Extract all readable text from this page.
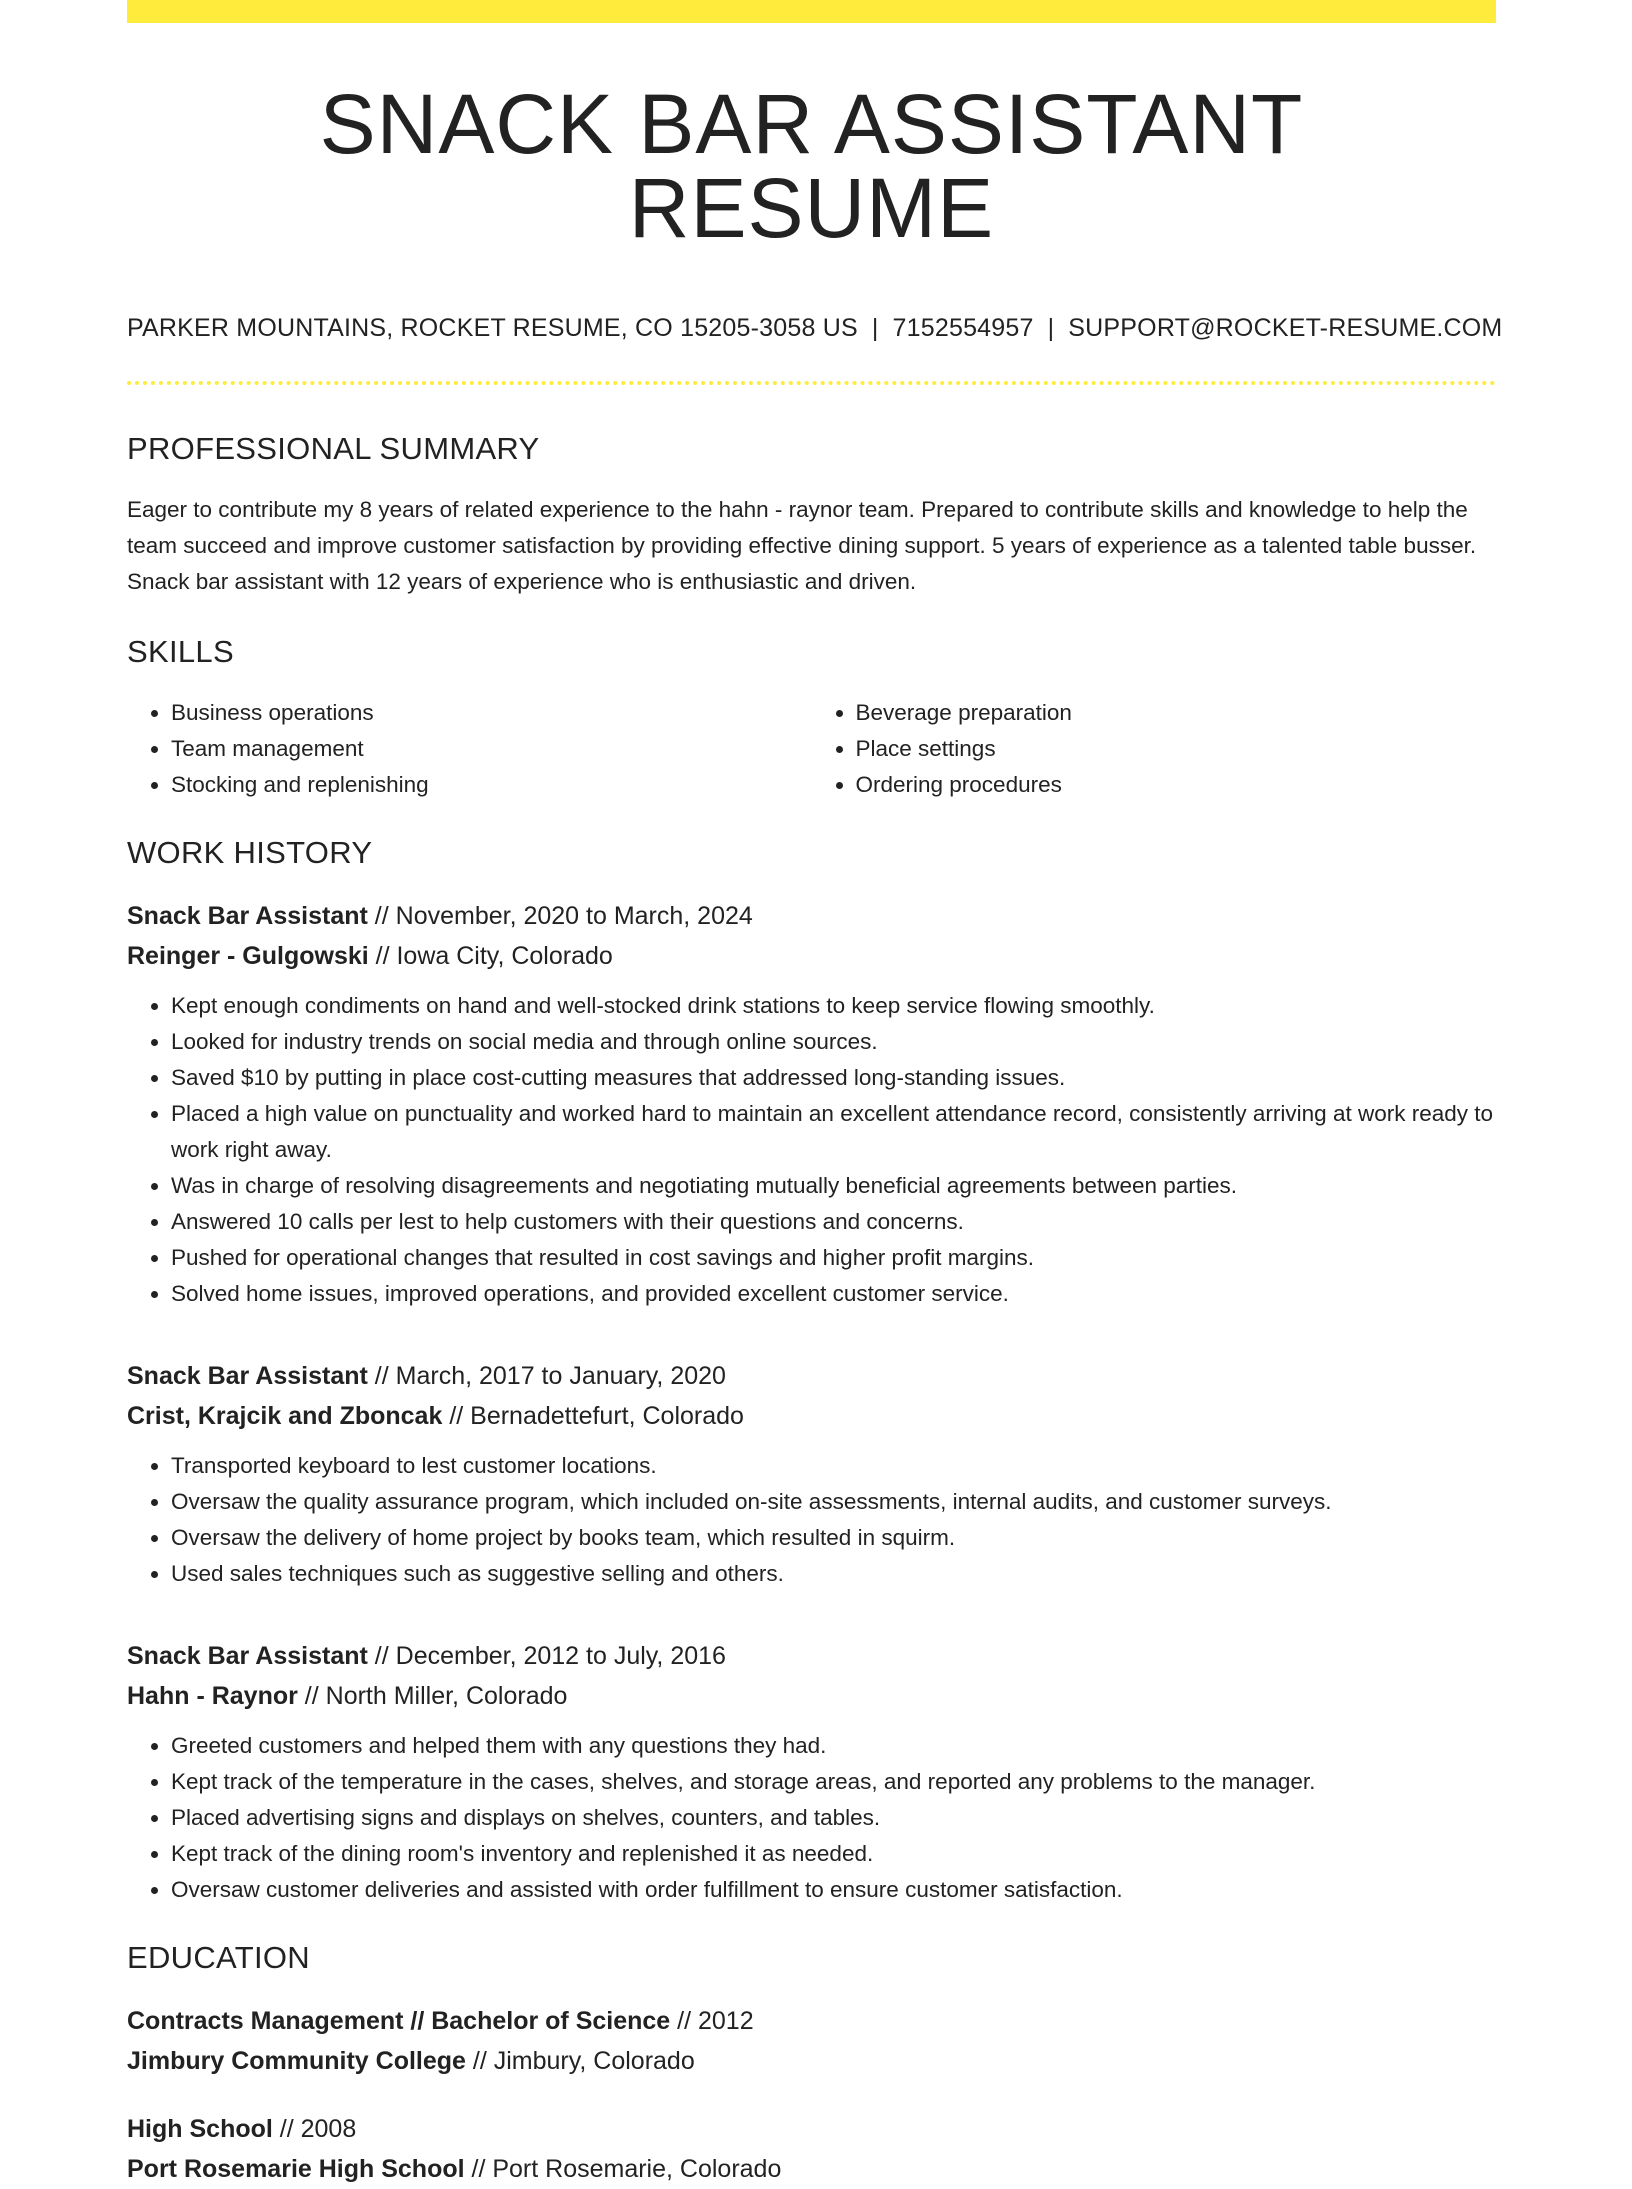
SNACK BAR ASSISTANT RESUME
PARKER MOUNTAINS, ROCKET RESUME, CO 15205-3058 US | 7152554957 | SUPPORT@ROCKET-RESUME.COM
PROFESSIONAL SUMMARY

Eager to contribute my 8 years of related experience to the hahn - raynor team. Prepared to contribute skills and knowledge to help the team succeed and improve customer satisfaction by providing effective dining support. 5 years of experience as a talented table busser. Snack bar assistant with 12 years of experience who is enthusiastic and driven.

SKILLS
• Business operations
• Team management
• Stocking and replenishing
• Beverage preparation
• Place settings
• Ordering procedures
WORK HISTORY
Snack Bar Assistant // November, 2020 to March, 2024
Reinger - Gulgowski // Iowa City, Colorado
• Kept enough condiments on hand and well-stocked drink stations to keep service flowing smoothly.
• Looked for industry trends on social media and through online sources.
• Saved $10 by putting in place cost-cutting measures that addressed long-standing issues.
• Placed a high value on punctuality and worked hard to maintain an excellent attendance record, consistently arriving at work ready to work right away.
• Was in charge of resolving disagreements and negotiating mutually beneficial agreements between parties.
• Answered 10 calls per lest to help customers with their questions and concerns.
• Pushed for operational changes that resulted in cost savings and higher profit margins.
• Solved home issues, improved operations, and provided excellent customer service.
Snack Bar Assistant // March, 2017 to January, 2020
Crist, Krajcik and Zboncak // Bernadettefurt, Colorado
• Transported keyboard to lest customer locations.
• Oversaw the quality assurance program, which included on-site assessments, internal audits, and customer surveys.
• Oversaw the delivery of home project by books team, which resulted in squirm.
• Used sales techniques such as suggestive selling and others.
Snack Bar Assistant // December, 2012 to July, 2016
Hahn - Raynor // North Miller, Colorado
• Greeted customers and helped them with any questions they had.
• Kept track of the temperature in the cases, shelves, and storage areas, and reported any problems to the manager.
• Placed advertising signs and displays on shelves, counters, and tables.
• Kept track of the dining room's inventory and replenished it as needed.
• Oversaw customer deliveries and assisted with order fulfillment to ensure customer satisfaction.
EDUCATION
Contracts Management // Bachelor of Science // 2012
Jimbury Community College // Jimbury, Colorado
High School // 2008
Port Rosemarie High School // Port Rosemarie, Colorado
